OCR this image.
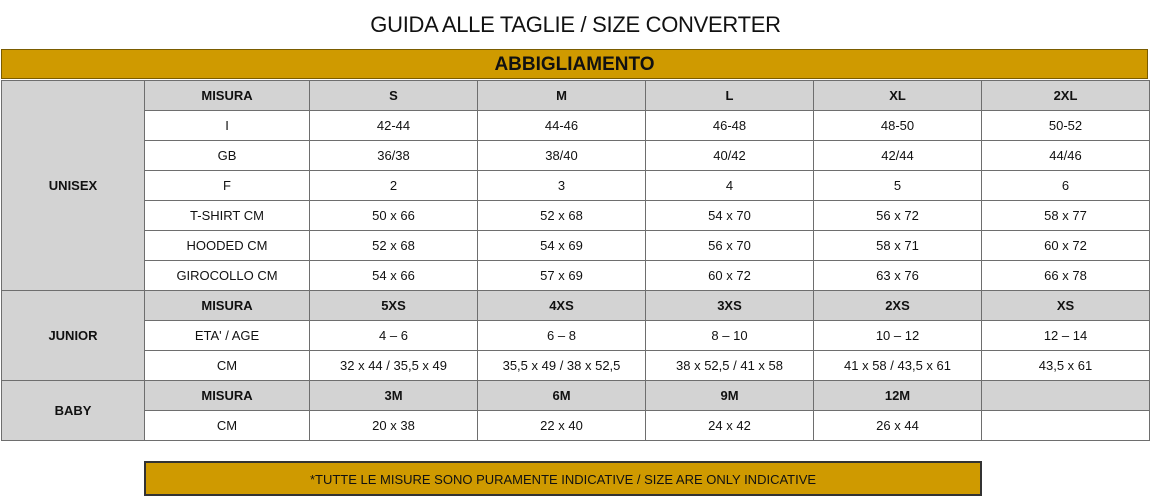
GUIDA ALLE TAGLIE / SIZE CONVERTER
ABBIGLIAMENTO
UNISEX	MISURA	S	M	L	XL	2XL
	I	42-44	44-46	46-48	48-50	50-52
	GB	36/38	38/40	40/42	42/44	44/46
	F	2	3	4	5	6
	T-SHIRT CM	50 x 66	52 x 68	54 x 70	56 x 72	58 x 77
	HOODED CM	52 x 68	54 x 69	56 x 70	58 x 71	60 x 72
	GIROCOLLO CM	54 x 66	57 x 69	60 x 72	63 x 76	66 x 78
JUNIOR	MISURA	5XS	4XS	3XS	2XS	XS
	ETA' / AGE	4 – 6	6 – 8	8 – 10	10 – 12	12 – 14
	CM	32 x 44 / 35,5 x 49	35,5 x 49 / 38 x 52,5	38 x 52,5 / 41 x 58	41 x 58 / 43,5 x 61	43,5 x 61
BABY	MISURA	3M	6M	9M	12M	
	CM	20 x 38	22 x 40	24 x 42	26 x 44	
*TUTTE LE MISURE SONO PURAMENTE INDICATIVE / SIZE ARE ONLY INDICATIVE
